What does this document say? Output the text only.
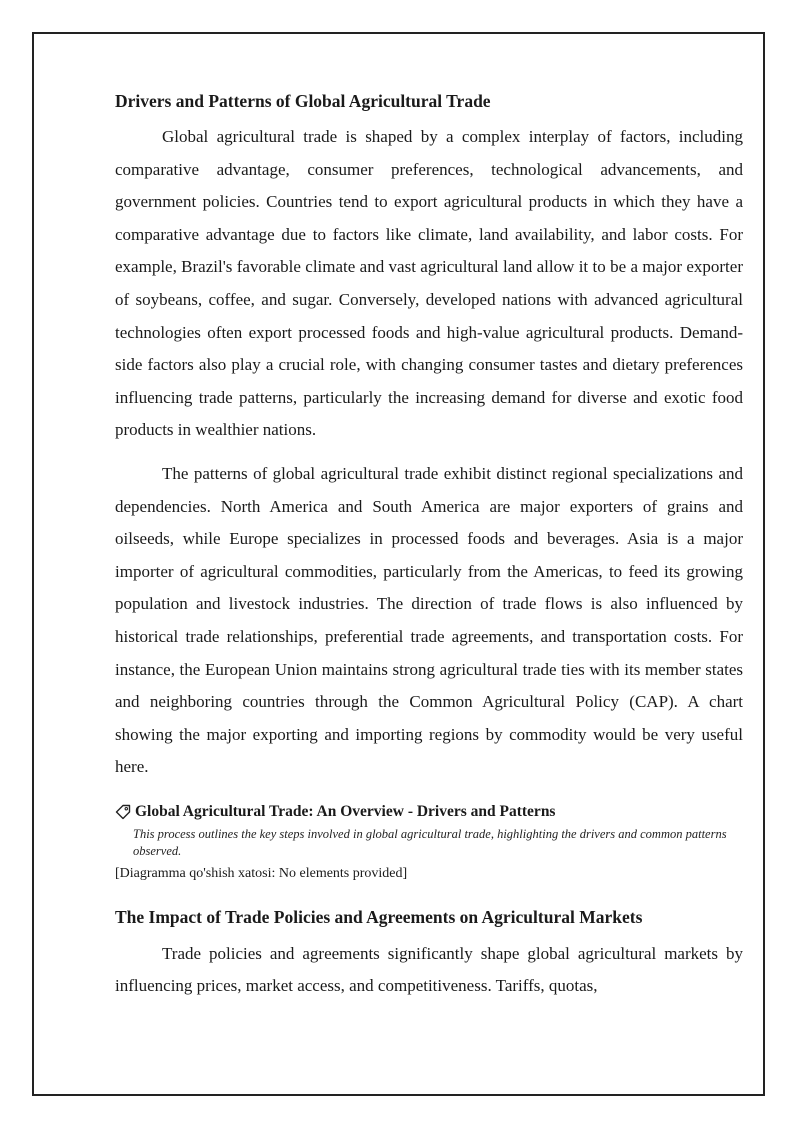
Drivers and Patterns of Global Agricultural Trade

Global agricultural trade is shaped by a complex interplay of factors, including comparative advantage, consumer preferences, technological advancements, and government policies. Countries tend to export agricultural products in which they have a comparative advantage due to factors like climate, land availability, and labor costs. For example, Brazil's favorable climate and vast agricultural land allow it to be a major exporter of soybeans, coffee, and sugar. Conversely, developed nations with advanced agricultural technologies often export processed foods and high-value agricultural products. Demand-side factors also play a crucial role, with changing consumer tastes and dietary preferences influencing trade patterns, particularly the increasing demand for diverse and exotic food products in wealthier nations.

The patterns of global agricultural trade exhibit distinct regional specializations and dependencies. North America and South America are major exporters of grains and oilseeds, while Europe specializes in processed foods and beverages. Asia is a major importer of agricultural commodities, particularly from the Americas, to feed its growing population and livestock industries. The direction of trade flows is also influenced by historical trade relationships, preferential trade agreements, and transportation costs. For instance, the European Union maintains strong agricultural trade ties with its member states and neighboring countries through the Common Agricultural Policy (CAP). A chart showing the major exporting and importing regions by commodity would be very useful here.

Global Agricultural Trade: An Overview - Drivers and Patterns

This process outlines the key steps involved in global agricultural trade, highlighting the drivers and common patterns observed.

[Diagramma qo'shish xatosi: No elements provided]

The Impact of Trade Policies and Agreements on Agricultural Markets

Trade policies and agreements significantly shape global agricultural markets by influencing prices, market access, and competitiveness. Tariffs, quotas,
